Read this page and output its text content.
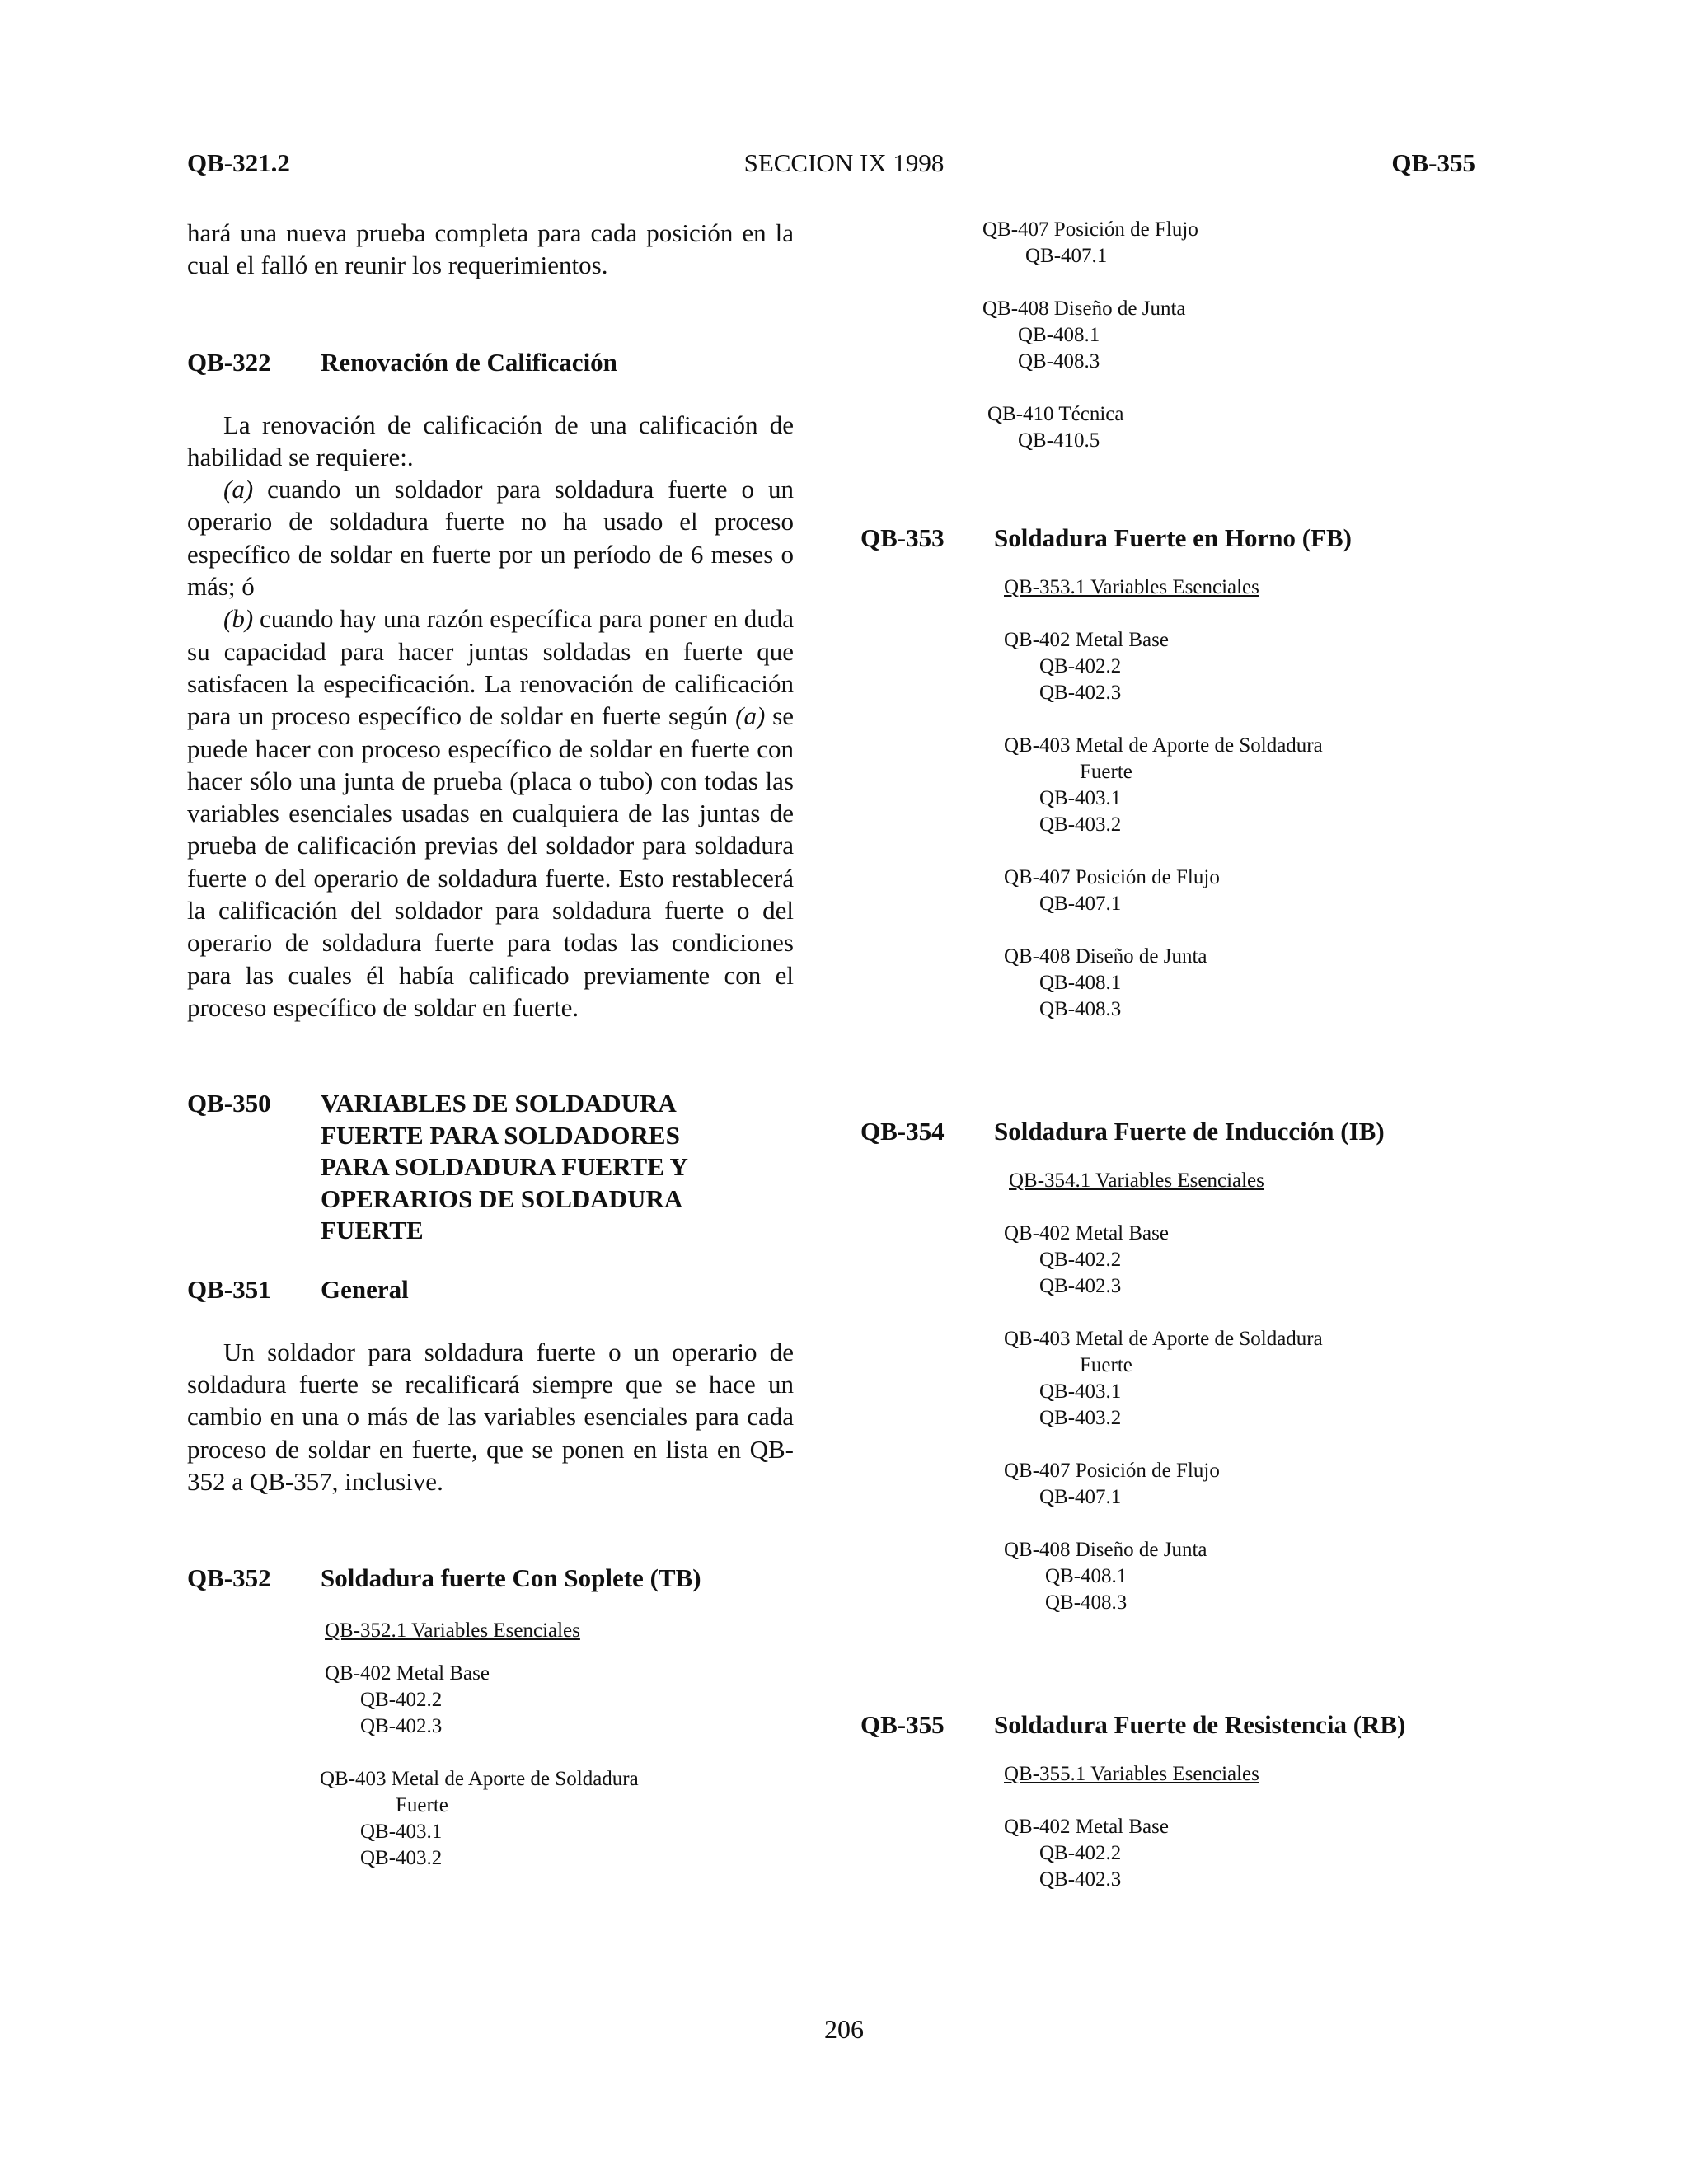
QB-321.2	SECCION IX 1998	QB-355

hará una nueva prueba completa para cada posición en la cual el falló en reunir los requerimientos.

QB-322	Renovación de Calificación

La renovación de calificación de una calificación de habilidad se requiere:.

(a) cuando un soldador para soldadura fuerte o un operario de soldadura fuerte no ha usado el proceso específico de soldar en fuerte por un período de 6 meses o más; ó

(b) cuando hay una razón específica para poner en duda su capacidad para hacer juntas soldadas en fuerte que satisfacen la especificación. La renovación de calificación para un proceso específico de soldar en fuerte según (a) se puede hacer con proceso específico de soldar en fuerte con hacer sólo una junta de prueba (placa o tubo) con todas las variables esenciales usadas en cualquiera de las juntas de prueba de calificación previas del soldador para soldadura fuerte o del operario de soldadura fuerte. Esto restablecerá la calificación del soldador para soldadura fuerte o del operario de soldadura fuerte para todas las condiciones para las cuales él había calificado previamente con el proceso específico de soldar en fuerte.

QB-350	VARIABLES DE SOLDADURA
FUERTE PARA SOLDADORES
PARA SOLDADURA FUERTE Y
OPERARIOS DE SOLDADURA
FUERTE
QB-351	General

Un soldador para soldadura fuerte o un operario de soldadura fuerte se recalificará siempre que se hace un cambio en una o más de las variables esenciales para cada proceso de soldar en fuerte, que se ponen en lista en QB-352 a QB-357, inclusive.

QB-352	Soldadura fuerte Con Soplete (TB)
QB-352.1 Variables Esenciales
QB-402 Metal Base
QB-402.2
QB-402.3
QB-403 Metal de Aporte de Soldadura
Fuerte
QB-403.1
QB-403.2
QB-407 Posición de Flujo
QB-407.1
QB-408 Diseño de Junta
QB-408.1
QB-408.3
QB-410 Técnica
QB-410.5
QB-353	Soldadura Fuerte en Horno (FB)
QB-353.1 Variables Esenciales
QB-402 Metal Base
QB-402.2
QB-402.3
QB-403 Metal de Aporte de Soldadura
Fuerte
QB-403.1
QB-403.2
QB-407 Posición de Flujo
QB-407.1
QB-408 Diseño de Junta
QB-408.1
QB-408.3
QB-354	Soldadura Fuerte de Inducción (IB)
QB-354.1 Variables Esenciales
QB-402 Metal Base
QB-402.2
QB-402.3
QB-403 Metal de Aporte de Soldadura
Fuerte
QB-403.1
QB-403.2
QB-407 Posición de Flujo
QB-407.1
QB-408 Diseño de Junta
QB-408.1
QB-408.3
QB-355	Soldadura Fuerte de Resistencia (RB)
QB-355.1 Variables Esenciales
QB-402 Metal Base
QB-402.2
QB-402.3
206
